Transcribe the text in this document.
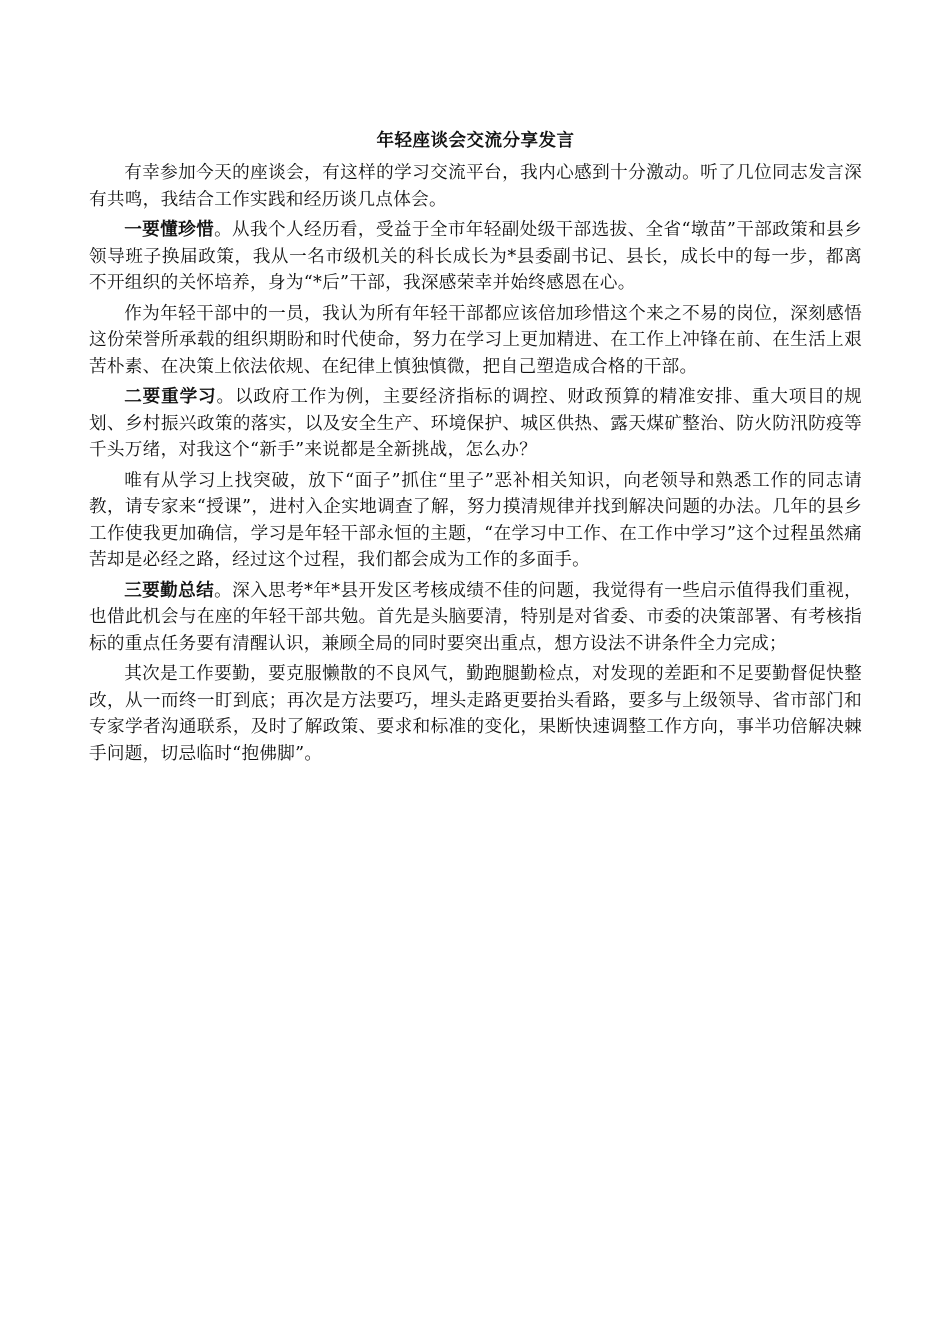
年轻座谈会交流分享发言

有幸参加今天的座谈会，有这样的学习交流平台，我内心感到十分激动。听了几位同志发言深有共鸣，我结合工作实践和经历谈几点体会。

一要懂珍惜。从我个人经历看，受益于全市年轻副处级干部选拔、全省“墩苗”干部政策和县乡领导班子换届政策，我从一名市级机关的科长成长为*县委副书记、县长，成长中的每一步，都离不开组织的关怀培养，身为“*后”干部，我深感荣幸并始终感恩在心。

作为年轻干部中的一员，我认为所有年轻干部都应该倍加珍惜这个来之不易的岗位，深刻感悟这份荣誉所承载的组织期盼和时代使命，努力在学习上更加精进、在工作上冲锋在前、在生活上艰苦朴素、在决策上依法依规、在纪律上慎独慎微，把自己塑造成合格的干部。

二要重学习。以政府工作为例，主要经济指标的调控、财政预算的精准安排、重大项目的规划、乡村振兴政策的落实，以及安全生产、环境保护、城区供热、露天煤矿整治、防火防汛防疫等千头万绪，对我这个“新手”来说都是全新挑战，怎么办？

唯有从学习上找突破，放下“面子”抓住“里子”恶补相关知识，向老领导和熟悉工作的同志请教，请专家来“授课”，进村入企实地调查了解，努力摸清规律并找到解决问题的办法。几年的县乡工作使我更加确信，学习是年轻干部永恒的主题，“在学习中工作、在工作中学习”这个过程虽然痛苦却是必经之路，经过这个过程，我们都会成为工作的多面手。

三要勤总结。深入思考*年*县开发区考核成绩不佳的问题，我觉得有一些启示值得我们重视，也借此机会与在座的年轻干部共勉。首先是头脑要清，特别是对省委、市委的决策部署、有考核指标的重点任务要有清醒认识，兼顾全局的同时要突出重点，想方设法不讲条件全力完成；

其次是工作要勤，要克服懒散的不良风气，勤跑腿勤检点，对发现的差距和不足要勤督促快整改，从一而终一盯到底；再次是方法要巧，埋头走路更要抬头看路，要多与上级领导、省市部门和专家学者沟通联系，及时了解政策、要求和标准的变化，果断快速调整工作方向，事半功倍解决棘手问题，切忌临时“抱佛脚”。
